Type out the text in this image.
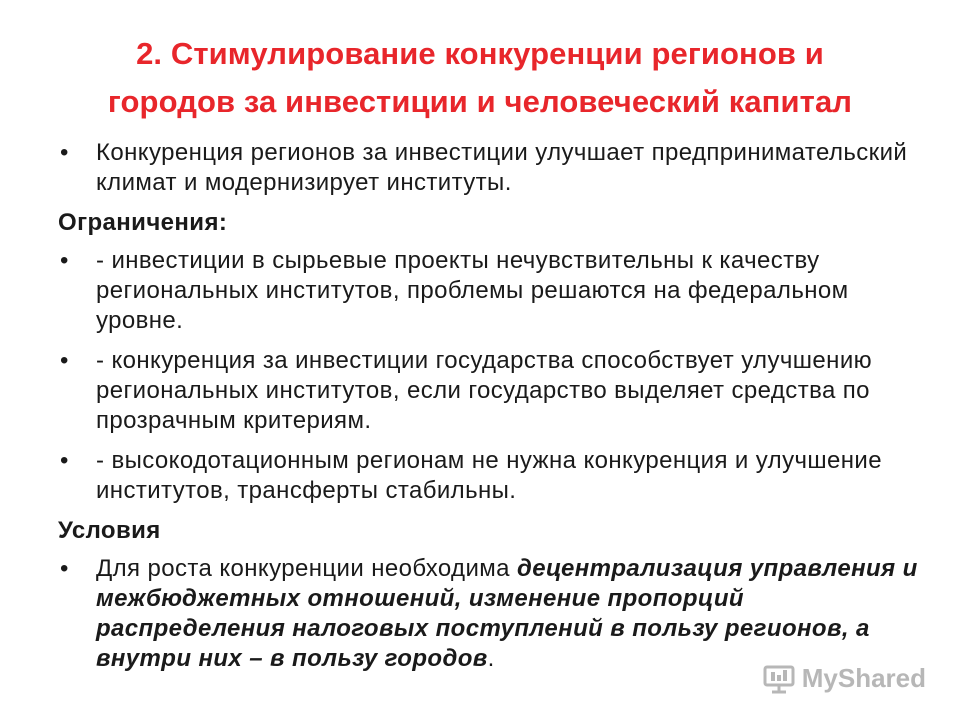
2. Стимулирование конкуренции регионов и
городов за инвестиции и человеческий капитал
• Конкуренция регионов за инвестиции улучшает предпринимательский климат и модернизирует институты.
Ограничения:
• - инвестиции в сырьевые проекты нечувствительны к качеству региональных институтов, проблемы решаются на федеральном уровне.
• - конкуренция за инвестиции государства способствует улучшению региональных институтов, если государство выделяет средства по прозрачным критериям.
• - высокодотационным регионам не нужна конкуренция и улучшение институтов, трансферты стабильны.
Условия
• Для роста конкуренции необходима децентрализация управления и межбюджетных отношений, изменение пропорций распределения налоговых поступлений в пользу регионов, а внутри них – в пользу городов.
MyShared
